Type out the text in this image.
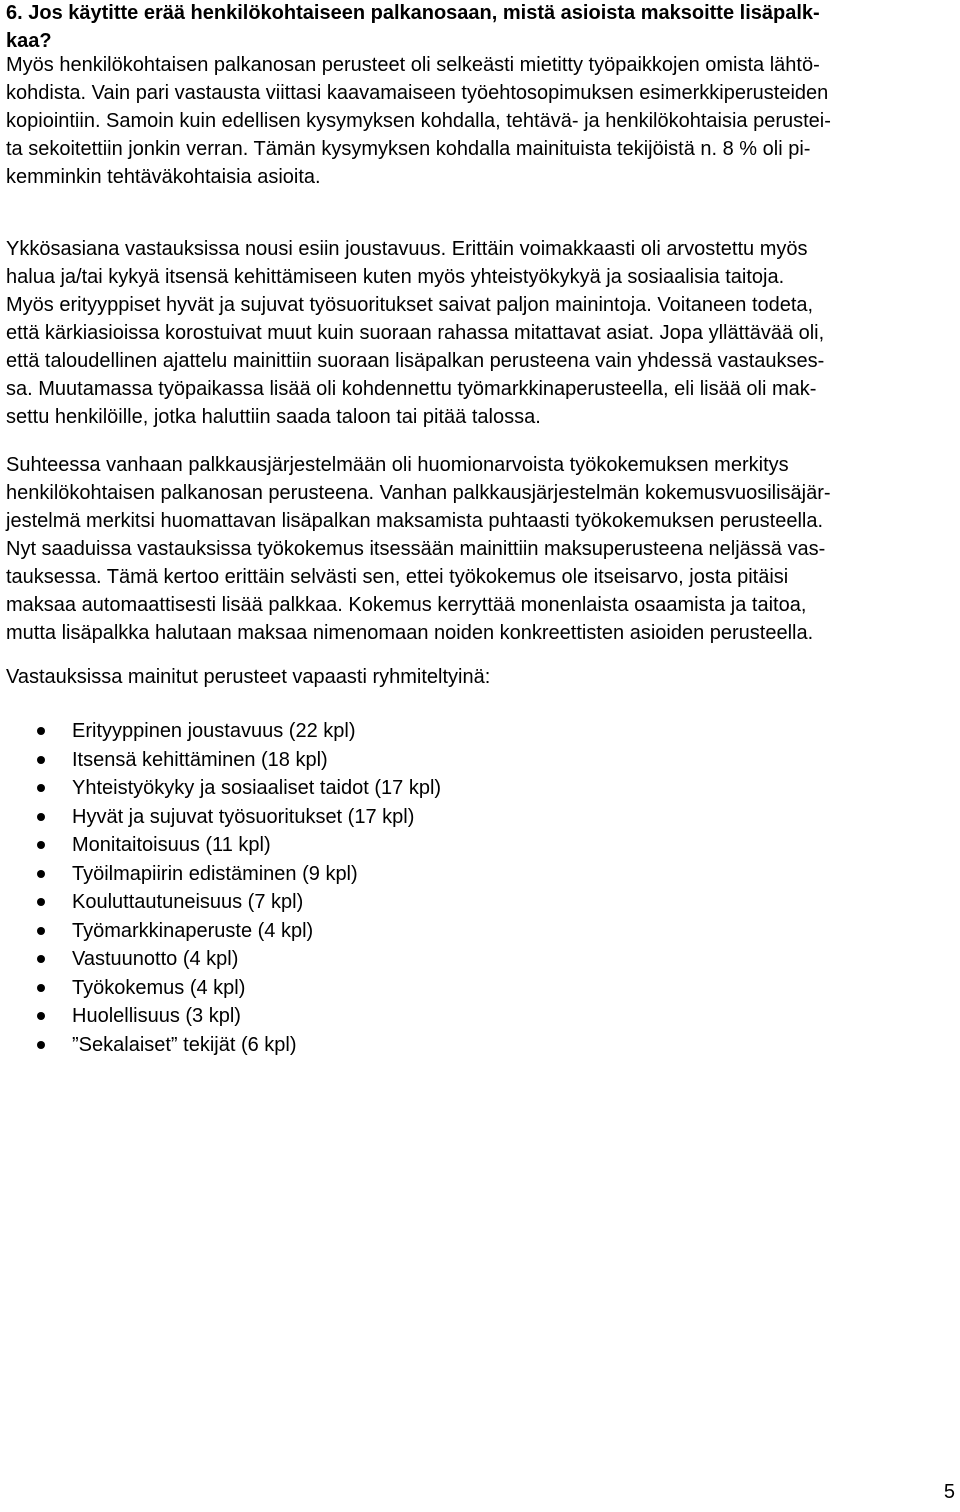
6. Jos käytitte erää henkilökohtaiseen palkanosaan, mistä asioista maksoitte lisäpalk-
kaa?
Myös henkilökohtaisen palkanosan perusteet oli selkeästi mietitty työpaikkojen omista lähtö-
kohdista. Vain pari vastausta viittasi kaavamaiseen työehtosopimuksen esimerkkiperusteiden
kopiointiin. Samoin kuin edellisen kysymyksen kohdalla, tehtävä- ja henkilökohtaisia perustei-
ta sekoitettiin jonkin verran. Tämän kysymyksen kohdalla mainituista tekijöistä n. 8 % oli pi-
kemminkin tehtäväkohtaisia asioita.
Ykkösasiana vastauksissa nousi esiin joustavuus. Erittäin voimakkaasti oli arvostettu myös
halua ja/tai kykyä itsensä kehittämiseen kuten myös yhteistyökykyä ja sosiaalisia taitoja.
Myös erityyppiset hyvät ja sujuvat työsuoritukset saivat paljon mainintoja. Voitaneen todeta,
että kärkiasioissa korostuivat muut kuin suoraan rahassa mitattavat asiat. Jopa yllättävää oli,
että taloudellinen ajattelu mainittiin suoraan lisäpalkan perusteena vain yhdessä vastaukses-
sa. Muutamassa työpaikassa lisää oli kohdennettu työmarkkinaperusteella, eli lisää oli mak-
settu henkilöille, jotka haluttiin saada taloon tai pitää talossa.
Suhteessa vanhaan palkkausjärjestelmään oli huomionarvoista työkokemuksen merkitys
henkilökohtaisen palkanosan perusteena. Vanhan palkkausjärjestelmän kokemusvuosilisäjär-
jestelmä merkitsi huomattavan lisäpalkan maksamista puhtaasti työkokemuksen perusteella.
Nyt saaduissa vastauksissa työkokemus itsessään mainittiin maksuperusteena neljässä vas-
tauksessa. Tämä kertoo erittäin selvästi sen, ettei työkokemus ole itseisarvo, josta pitäisi
maksaa automaattisesti lisää palkkaa. Kokemus kerryttää monenlaista osaamista ja taitoa,
mutta lisäpalkka halutaan maksaa nimenomaan noiden konkreettisten asioiden perusteella.
Vastauksissa mainitut perusteet vapaasti ryhmiteltyinä:
Erityyppinen joustavuus (22 kpl)
Itsensä kehittäminen (18 kpl)
Yhteistyökyky ja sosiaaliset taidot (17 kpl)
Hyvät ja sujuvat työsuoritukset (17 kpl)
Monitaitoisuus (11 kpl)
Työilmapiirin edistäminen (9 kpl)
Kouluttautuneisuus (7 kpl)
Työmarkkinaperuste (4 kpl)
Vastuunotto (4 kpl)
Työkokemus (4 kpl)
Huolellisuus (3 kpl)
”Sekalaiset” tekijät (6 kpl)
5
